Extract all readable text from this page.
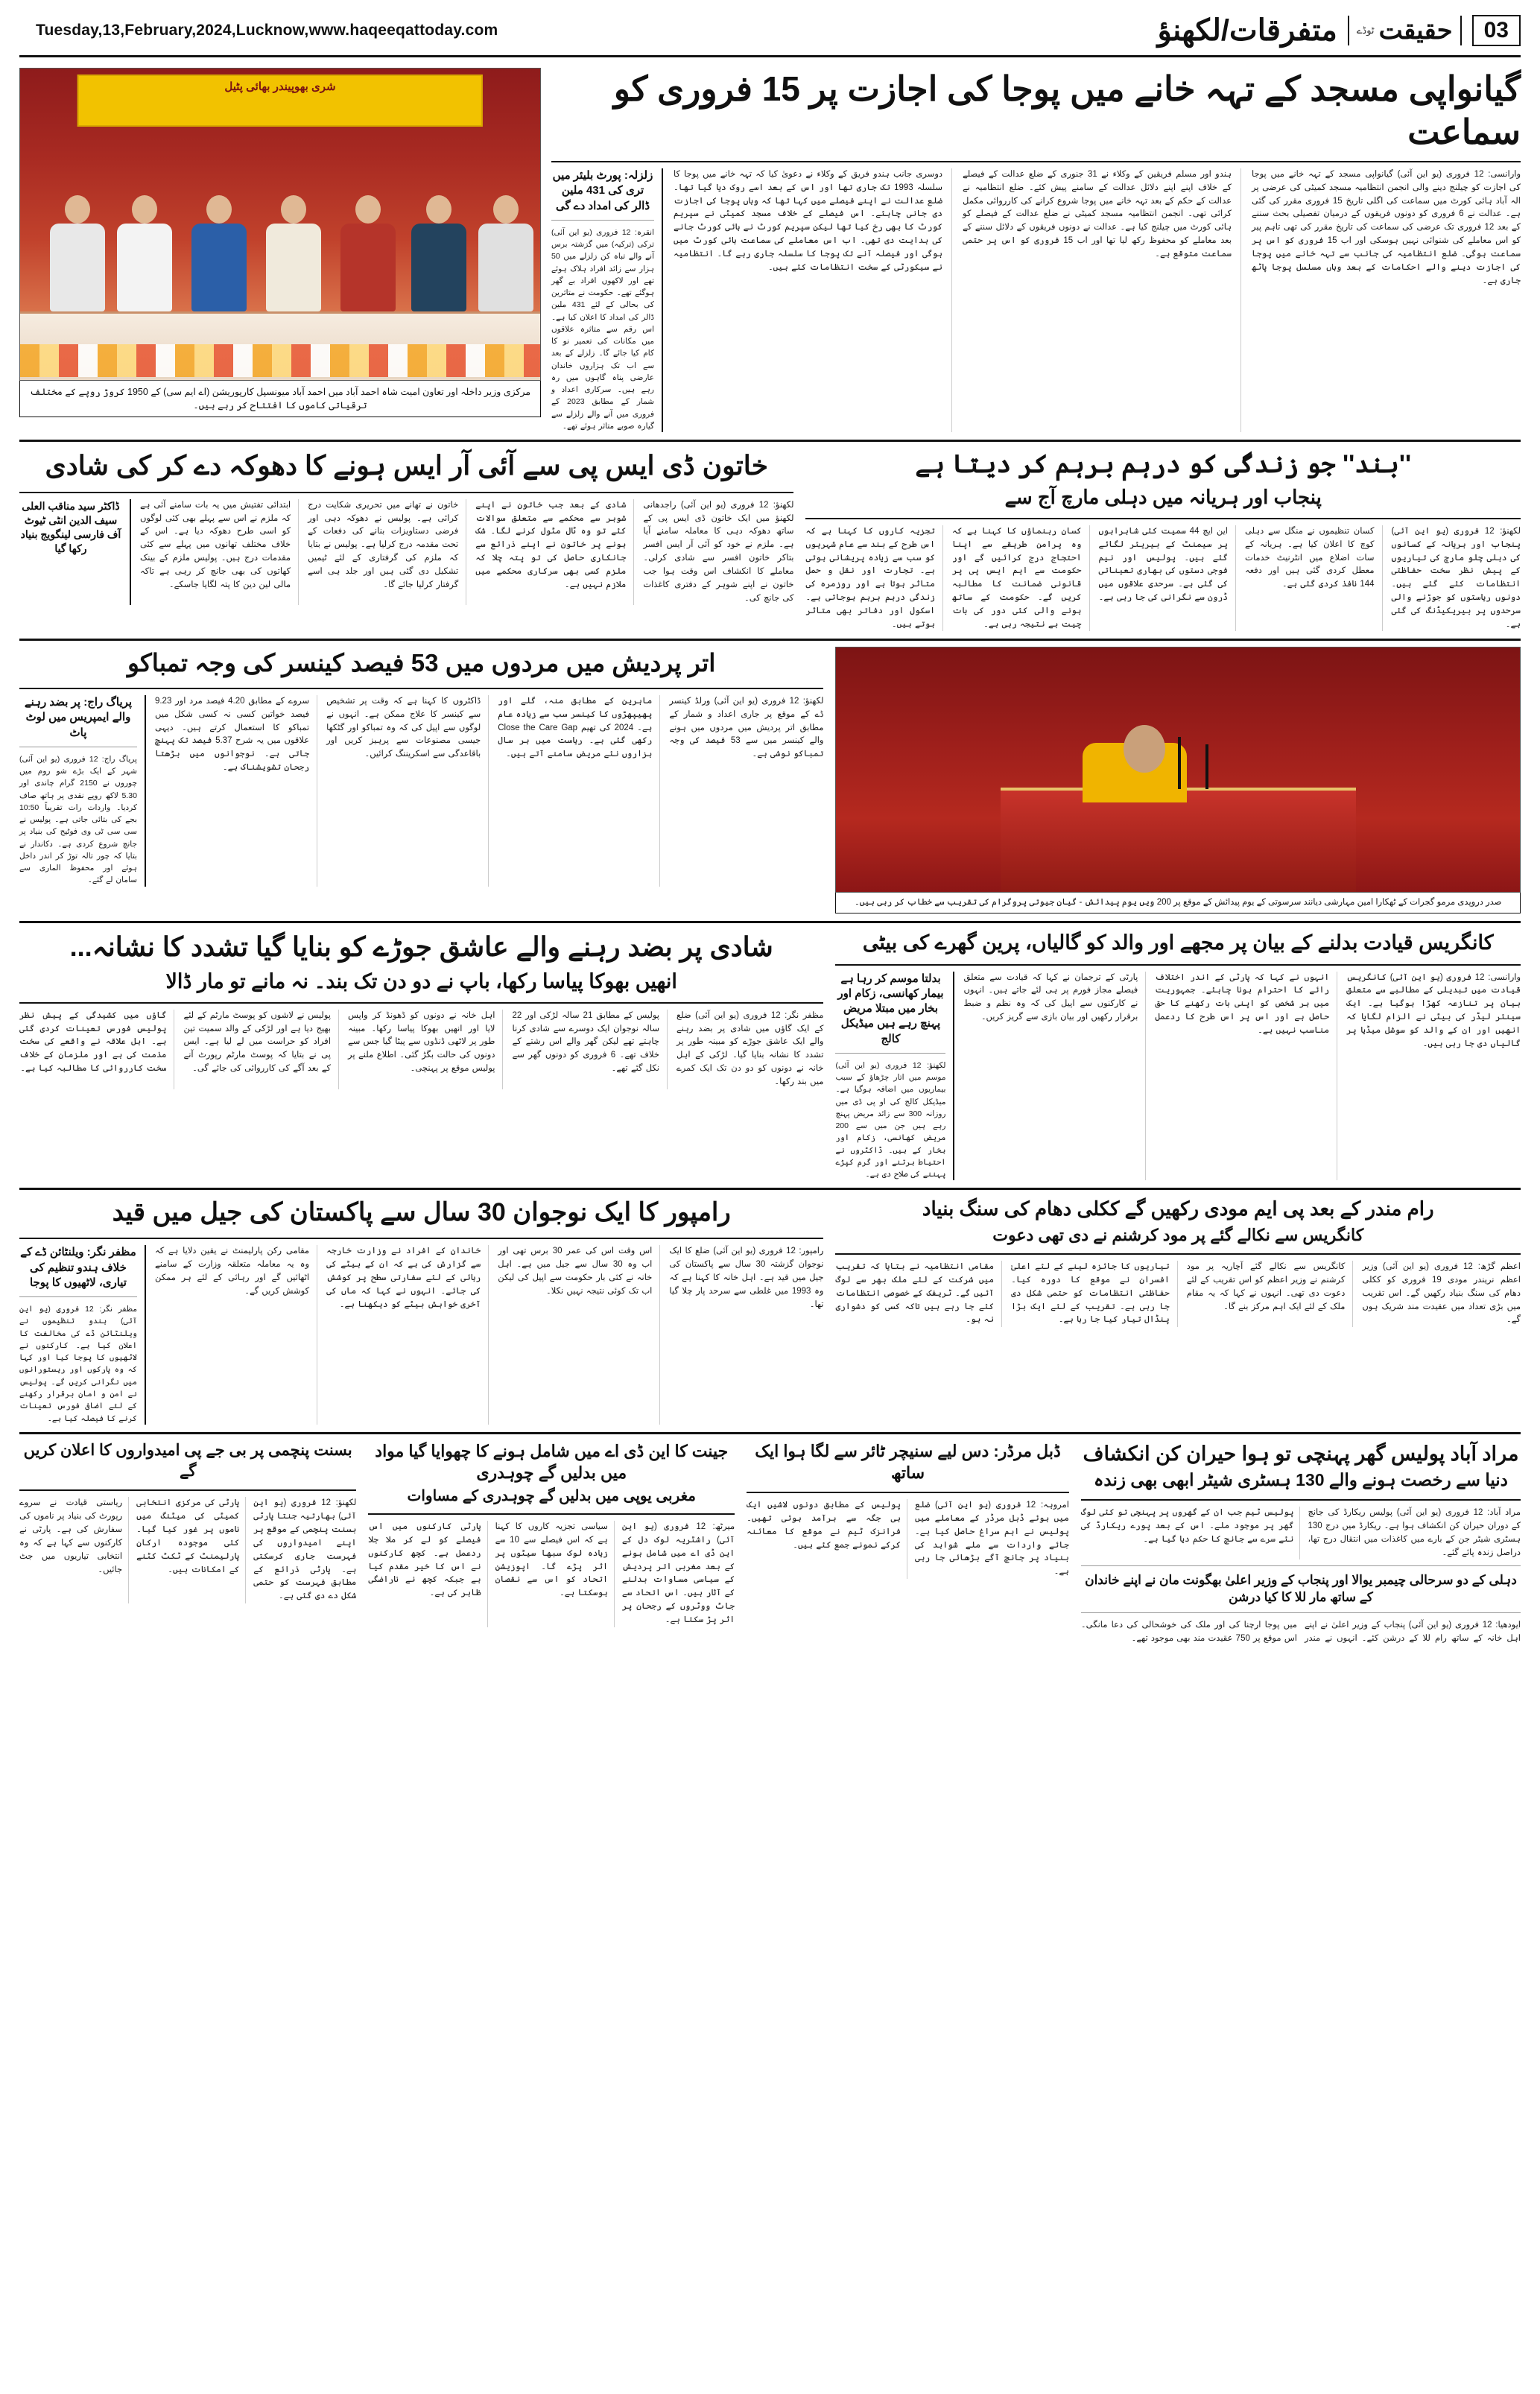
Tuesday,13,February,2024,Lucknow,www.haqeeqattoday.com	متفرقات/لکھنؤ ٹوڈے حقیقت	03
شری بھوپیندر بھائی پٹیل
مرکزی وزیر داخلہ اور تعاون امیت شاہ احمد آباد میں احمد آباد میونسپل کارپوریشن (اے ایم سی) کے 1950 کروڑ روپے کے مختلف ترقیاتی کاموں کا افتتاح کر رہے ہیں۔
گیانواپی مسجد کے تہہ خانے میں پوجا کی اجازت پر 15 فروری کو سماعت

وارانسی: 12 فروری (یو این آئی) گیانواپی مسجد کے تہہ خانے میں پوجا کی اجازت کو چیلنج دینے والی انجمن انتظامیہ مسجد کمیٹی کی عرضی پر الہ آباد ہائی کورٹ میں سماعت کی اگلی تاریخ 15 فروری مقرر کی گئی ہے۔ عدالت نے 6 فروری کو دونوں فریقوں کے درمیان تفصیلی بحث سننے کے بعد 12 فروری تک عرضی کی سماعت کی تاریخ مقرر کی تھی تاہم پیر کو اس معاملے کی شنوائی نہیں ہوسکی اور اب 15 فروری کو اس پر سماعت ہوگی۔ ضلع انتظامیہ کی جانب سے تہہ خانے میں پوجا کی اجازت دینے والے احکامات کے بعد وہاں مسلسل پوجا پاٹھ جاری ہے۔

ہندو اور مسلم فریقین کے وکلاء نے 31 جنوری کے ضلع عدالت کے فیصلے کے خلاف اپنے اپنے دلائل عدالت کے سامنے پیش کئے۔ ضلع انتظامیہ نے عدالت کے حکم کے بعد تہہ خانے میں پوجا شروع کرانے کی کارروائی مکمل کرائی تھی۔ انجمن انتظامیہ مسجد کمیٹی نے ضلع عدالت کے فیصلے کو ہائی کورٹ میں چیلنج کیا ہے۔ عدالت نے دونوں فریقوں کے دلائل سننے کے بعد معاملے کو محفوظ رکھ لیا تھا اور اب 15 فروری کو اس پر حتمی سماعت متوقع ہے۔

دوسری جانب ہندو فریق کے وکلاء نے دعویٰ کیا کہ تہہ خانے میں پوجا کا سلسلہ 1993 تک جاری تھا اور اس کے بعد اسے روک دیا گیا تھا۔ ضلع عدالت نے اپنے فیصلے میں کہا تھا کہ وہاں پوجا کی اجازت دی جانی چاہئے۔ اس فیصلے کے خلاف مسجد کمیٹی نے سپریم کورٹ کا بھی رخ کیا تھا لیکن سپریم کورٹ نے ہائی کورٹ جانے کی ہدایت دی تھی۔ اب اس معاملے کی سماعت ہائی کورٹ میں ہوگی اور فیصلہ آنے تک پوجا کا سلسلہ جاری رہے گا۔ انتظامیہ نے سیکورٹی کے سخت انتظامات کئے ہیں۔

زلزلہ: پورٹ بلیئر میں تری کی 431 ملین ڈالر کی امداد دے گی
انقرہ: 12 فروری (یو این آئی) ترکی (ترکیہ) میں گزشتہ برس آنے والے تباہ کن زلزلے میں 50 ہزار سے زائد افراد ہلاک ہوئے تھے اور لاکھوں افراد بے گھر ہوگئے تھے۔ حکومت نے متاثرین کی بحالی کے لئے 431 ملین ڈالر کی امداد کا اعلان کیا ہے۔ اس رقم سے متاثرہ علاقوں میں مکانات کی تعمیر نو کا کام کیا جائے گا۔ زلزلے کے بعد سے اب تک ہزاروں خاندان عارضی پناہ گاہوں میں رہ رہے ہیں۔ سرکاری اعداد و شمار کے مطابق 2023 کے فروری میں آنے والے زلزلے سے گیارہ صوبے متاثر ہوئے تھے۔
''بند'' جو زندگی کو درہم برہم کر دیتا ہے
پنجاب اور ہریانہ میں دہلی مارچ آج سے
لکھنؤ: 12 فروری (یو این آئی) پنجاب اور ہریانہ کے کسانوں کی دہلی چلو مارچ کی تیاریوں کے پیش نظر سخت حفاظتی انتظامات کئے گئے ہیں۔ دونوں ریاستوں کو جوڑنے والی سرحدوں پر بیریکیڈنگ کی گئی ہے۔
کسان تنظیموں نے منگل سے دہلی کوچ کا اعلان کیا ہے۔ ہریانہ کے سات اضلاع میں انٹرنیٹ خدمات معطل کردی گئی ہیں اور دفعہ 144 نافذ کردی گئی ہے۔
این ایچ 44 سمیت کئی شاہراہوں پر سیمنٹ کے بیریئر لگائے گئے ہیں۔ پولیس اور نیم فوجی دستوں کی بھاری تعیناتی کی گئی ہے۔ سرحدی علاقوں میں ڈرون سے نگرانی کی جا رہی ہے۔
کسان رہنماؤں کا کہنا ہے کہ وہ پرامن طریقے سے اپنا احتجاج درج کرائیں گے اور حکومت سے ایم ایس پی پر قانونی ضمانت کا مطالبہ کریں گے۔ حکومت کے ساتھ ہونے والی کئی دور کی بات چیت بے نتیجہ رہی ہے۔
تجزیہ کاروں کا کہنا ہے کہ اس طرح کے بند سے عام شہریوں کو سب سے زیادہ پریشانی ہوتی ہے۔ تجارت اور نقل و حمل متاثر ہوتا ہے اور روزمرہ کی زندگی درہم برہم ہوجاتی ہے۔ اسکول اور دفاتر بھی متاثر ہوتے ہیں۔
خاتون ڈی ایس پی سے آئی آر ایس ہونے کا دھوکہ دے کر کی شادی
لکھنؤ: 12 فروری (یو این آئی) راجدھانی لکھنؤ میں ایک خاتون ڈی ایس پی کے ساتھ دھوکہ دہی کا معاملہ سامنے آیا ہے۔ ملزم نے خود کو آئی آر ایس افسر بتاکر خاتون افسر سے شادی کرلی۔ معاملے کا انکشاف اس وقت ہوا جب خاتون نے اپنے شوہر کے دفتری کاغذات کی جانچ کی۔
شادی کے بعد جب خاتون نے اپنے شوہر سے محکمے سے متعلق سوالات کئے تو وہ ٹال مٹول کرنے لگا۔ شک ہونے پر خاتون نے اپنے ذرائع سے جانکاری حاصل کی تو پتہ چلا کہ ملزم کسی بھی سرکاری محکمے میں ملازم نہیں ہے۔
خاتون نے تھانے میں تحریری شکایت درج کرائی ہے۔ پولیس نے دھوکہ دہی اور فرضی دستاویزات بنانے کی دفعات کے تحت مقدمہ درج کرلیا ہے۔ پولیس نے بتایا کہ ملزم کی گرفتاری کے لئے ٹیمیں تشکیل دی گئی ہیں اور جلد ہی اسے گرفتار کرلیا جائے گا۔
ابتدائی تفتیش میں یہ بات سامنے آئی ہے کہ ملزم نے اس سے پہلے بھی کئی لوگوں کو اسی طرح دھوکہ دیا ہے۔ اس کے خلاف مختلف تھانوں میں پہلے سے کئی مقدمات درج ہیں۔ پولیس ملزم کے بینک کھاتوں کی بھی جانچ کر رہی ہے تاکہ مالی لین دین کا پتہ لگایا جاسکے۔
ڈاکٹر سید مناقب العلی سیف الدین انٹی ٹیوٹ آف فارسی لینگویج بنیاد رکھا گیا
صدر دروپدی مرمو گجرات کے ٹھکارا امین مہارشی دیانند سرسوتی کے یوم پیدائش کے موقع پر 200 ویں یوم پیدائش - گیان جیوتی پروگرام کی تقریب سے خطاب کر رہی ہیں۔
اتر پردیش میں مردوں میں 53 فیصد کینسر کی وجہ تمباکو
لکھنؤ: 12 فروری (یو این آئی) ورلڈ کینسر ڈے کے موقع پر جاری اعداد و شمار کے مطابق اتر پردیش میں مردوں میں ہونے والے کینسر میں سے 53 فیصد کی وجہ تمباکو نوشی ہے۔
ماہرین کے مطابق منہ، گلے اور پھیپھڑوں کا کینسر سب سے زیادہ عام ہے۔ 2024 کی تھیم Close the Care Gap رکھی گئی ہے۔ ریاست میں ہر سال ہزاروں نئے مریض سامنے آتے ہیں۔
ڈاکٹروں کا کہنا ہے کہ وقت پر تشخیص سے کینسر کا علاج ممکن ہے۔ انہوں نے لوگوں سے اپیل کی کہ وہ تمباکو اور گٹکھا جیسی مصنوعات سے پرہیز کریں اور باقاعدگی سے اسکریننگ کرائیں۔
سروے کے مطابق 4.20 فیصد مرد اور 9.23 فیصد خواتین کسی نہ کسی شکل میں تمباکو کا استعمال کرتے ہیں۔ دیہی علاقوں میں یہ شرح 5.37 فیصد تک پہنچ جاتی ہے۔ نوجوانوں میں بڑھتا رجحان تشویشناک ہے۔
پریاگ راج: پر بضد رہنے والے ایمپریس میں لوٹ پاٹ
پریاگ راج: 12 فروری (یو این آئی) شہر کے ایک بڑے شو روم میں چوروں نے 2150 گرام چاندی اور 5.30 لاکھ روپے نقدی پر ہاتھ صاف کردیا۔ واردات رات تقریباً 10:50 بجے کی بتائی جاتی ہے۔ پولیس نے سی سی ٹی وی فوٹیج کی بنیاد پر جانچ شروع کردی ہے۔ دکاندار نے بتایا کہ چور تالہ توڑ کر اندر داخل ہوئے اور محفوظ الماری سے سامان لے گئے۔
کانگریس قیادت بدلنے کے بیان پر مجھے اور والد کو گالیاں، پرین گھرے کی بیٹی
وارانسی: 12 فروری (یو این آئی) کانگریس قیادت میں تبدیلی کے مطالبے سے متعلق بیان پر تنازعہ کھڑا ہوگیا ہے۔ ایک سینئر لیڈر کی بیٹی نے الزام لگایا کہ انھیں اور ان کے والد کو سوشل میڈیا پر گالیاں دی جا رہی ہیں۔
انہوں نے کہا کہ پارٹی کے اندر اختلاف رائے کا احترام ہونا چاہئے۔ جمہوریت میں ہر شخص کو اپنی بات رکھنے کا حق حاصل ہے اور اس پر اس طرح کا ردعمل مناسب نہیں ہے۔
پارٹی کے ترجمان نے کہا کہ قیادت سے متعلق فیصلے مجاز فورم پر ہی لئے جاتے ہیں۔ انہوں نے کارکنوں سے اپیل کی کہ وہ نظم و ضبط برقرار رکھیں اور بیان بازی سے گریز کریں۔
بدلتا موسم کر رہا ہے بیمار کھانسی، زکام اور بخار میں مبتلا مریض پہنچ رہے ہیں میڈیکل کالج
لکھنؤ: 12 فروری (یو این آئی) موسم میں اتار چڑھاؤ کے سبب بیماریوں میں اضافہ ہوگیا ہے۔ میڈیکل کالج کی او پی ڈی میں روزانہ 300 سے زائد مریض پہنچ رہے ہیں جن میں سے 200 مریض کھانسی، زکام اور بخار کے ہیں۔ ڈاکٹروں نے احتیاط برتنے اور گرم کپڑے پہننے کی صلاح دی ہے۔
شادی پر بضد رہنے والے عاشق جوڑے کو بنایا گیا تشدد کا نشانہ...
انھیں بھوکا پیاسا رکھا، باپ نے دو دن تک بند۔ نہ مانے تو مار ڈالا
مظفر نگر: 12 فروری (یو این آئی) ضلع کے ایک گاؤں میں شادی پر بضد رہنے والے ایک عاشق جوڑے کو مبینہ طور پر تشدد کا نشانہ بنایا گیا۔ لڑکی کے اہل خانہ نے دونوں کو دو دن تک ایک کمرے میں بند رکھا۔
پولیس کے مطابق 21 سالہ لڑکی اور 22 سالہ نوجوان ایک دوسرے سے شادی کرنا چاہتے تھے لیکن گھر والے اس رشتے کے خلاف تھے۔ 6 فروری کو دونوں گھر سے نکل گئے تھے۔
اہل خانہ نے دونوں کو ڈھونڈ کر واپس لایا اور انھیں بھوکا پیاسا رکھا۔ مبینہ طور پر لاٹھی ڈنڈوں سے پیٹا گیا جس سے دونوں کی حالت بگڑ گئی۔ اطلاع ملنے پر پولیس موقع پر پہنچی۔
پولیس نے لاشوں کو پوسٹ مارٹم کے لئے بھیج دیا ہے اور لڑکی کے والد سمیت تین افراد کو حراست میں لے لیا ہے۔ ایس پی نے بتایا کہ پوسٹ مارٹم رپورٹ آنے کے بعد آگے کی کارروائی کی جائے گی۔
گاؤں میں کشیدگی کے پیش نظر پولیس فورس تعینات کردی گئی ہے۔ اہل علاقہ نے واقعے کی سخت مذمت کی ہے اور ملزمان کے خلاف سخت کارروائی کا مطالبہ کیا ہے۔
رام مندر کے بعد پی ایم مودی رکھیں گے ککلی دھام کی سنگ بنیاد
کانگریس سے نکالے گئے پر مود کرشنم نے دی تھی دعوت
اعظم گڑھ: 12 فروری (یو این آئی) وزیر اعظم نریندر مودی 19 فروری کو ککلی دھام کی سنگ بنیاد رکھیں گے۔ اس تقریب میں بڑی تعداد میں عقیدت مند شریک ہوں گے۔
کانگریس سے نکالے گئے آچاریہ پر مود کرشنم نے وزیر اعظم کو اس تقریب کے لئے دعوت دی تھی۔ انہوں نے کہا کہ یہ مقام ملک کے لئے ایک اہم مرکز بنے گا۔
تیاریوں کا جائزہ لینے کے لئے اعلیٰ افسران نے موقع کا دورہ کیا۔ حفاظتی انتظامات کو حتمی شکل دی جا رہی ہے۔ تقریب کے لئے ایک بڑا پنڈال تیار کیا جا رہا ہے۔
مقامی انتظامیہ نے بتایا کہ تقریب میں شرکت کے لئے ملک بھر سے لوگ آئیں گے۔ ٹریفک کے خصوصی انتظامات کئے جا رہے ہیں تاکہ کسی کو دشواری نہ ہو۔
رامپور کا ایک نوجوان 30 سال سے پاکستان کی جیل میں قید
رامپور: 12 فروری (یو این آئی) ضلع کا ایک نوجوان گزشتہ 30 سال سے پاکستان کی جیل میں قید ہے۔ اہل خانہ کا کہنا ہے کہ وہ 1993 میں غلطی سے سرحد پار چلا گیا تھا۔
اس وقت اس کی عمر 30 برس تھی اور اب وہ 30 سال سے جیل میں ہے۔ اہل خانہ نے کئی بار حکومت سے اپیل کی لیکن اب تک کوئی نتیجہ نہیں نکلا۔
خاندان کے افراد نے وزارت خارجہ سے گزارش کی ہے کہ ان کے بیٹے کی رہائی کے لئے سفارتی سطح پر کوشش کی جائے۔ انہوں نے کہا کہ ماں کی آخری خواہش بیٹے کو دیکھنا ہے۔
مقامی رکن پارلیمنٹ نے یقین دلایا ہے کہ وہ یہ معاملہ متعلقہ وزارت کے سامنے اٹھائیں گے اور رہائی کے لئے ہر ممکن کوشش کریں گے۔
مظفر نگر: ویلنٹائن ڈے کے خلاف ہندو تنظیم کی تیاری، لاٹھیوں کا پوجا
مظفر نگر: 12 فروری (یو این آئی) ہندو تنظیموں نے ویلنٹائن ڈے کی مخالفت کا اعلان کیا ہے۔ کارکنوں نے لاٹھیوں کا پوجا کیا اور کہا کہ وہ پارکوں اور ریستورانوں میں نگرانی کریں گے۔ پولیس نے امن و امان برقرار رکھنے کے لئے اضافی فورس تعینات کرنے کا فیصلہ کیا ہے۔
مراد آباد پولیس گھر پہنچی تو ہوا حیران کن انکشاف
دنیا سے رخصت ہونے والے 130 ہسٹری شیٹر ابھی بھی زندہ
مراد آباد: 12 فروری (یو این آئی) پولیس ریکارڈ کی جانچ کے دوران حیران کن انکشاف ہوا ہے۔ ریکارڈ میں درج 130 ہسٹری شیٹر جن کے بارے میں کاغذات میں انتقال درج تھا، دراصل زندہ پائے گئے۔
پولیس ٹیم جب ان کے گھروں پر پہنچی تو کئی لوگ گھر پر موجود ملے۔ اس کے بعد پورے ریکارڈ کی نئے سرے سے جانچ کا حکم دیا گیا ہے۔
دہلی کے دو سرحالی چیمبر یوالا اور پنجاب کے وزیر اعلیٰ بھگونت مان نے اپنے خاندان کے ساتھ مار للا کا کیا درشن
ایودھیا: 12 فروری (یو این آئی) پنجاب کے وزیر اعلیٰ نے اپنے اہل خانہ کے ساتھ رام للا کے درشن کئے۔ انہوں نے مندر میں پوجا ارچنا کی اور ملک کی خوشحالی کی دعا مانگی۔ اس موقع پر 750 عقیدت مند بھی موجود تھے۔
ڈبل مرڈر: دس لیے سنیچر ٹائر سے لگا ہوا ایک ساتھ
امروہہ: 12 فروری (یو این آئی) ضلع میں ہوئے ڈبل مرڈر کے معاملے میں پولیس نے اہم سراغ حاصل کیا ہے۔ جائے واردات سے ملے شواہد کی بنیاد پر جانچ آگے بڑھائی جا رہی ہے۔
پولیس کے مطابق دونوں لاشیں ایک ہی جگہ سے برآمد ہوئی تھیں۔ فرانزک ٹیم نے موقع کا معائنہ کرکے نمونے جمع کئے ہیں۔
جینت کا این ڈی اے میں شامل ہونے کا چھوایا گیا مواد میں بدلیں گے چوہدری
مغربی یوپی میں بدلیں گے چوہدری کے مساوات
میرٹھ: 12 فروری (یو این آئی) راشٹریہ لوک دل کے این ڈی اے میں شامل ہونے کے بعد مغربی اتر پردیش کے سیاسی مساوات بدلنے کے آثار ہیں۔ اس اتحاد سے جاٹ ووٹروں کے رجحان پر اثر پڑ سکتا ہے۔
سیاسی تجزیہ کاروں کا کہنا ہے کہ اس فیصلے سے 10 سے زیادہ لوک سبھا سیٹوں پر اثر پڑے گا۔ اپوزیشن اتحاد کو اس سے نقصان ہوسکتا ہے۔
پارٹی کارکنوں میں اس فیصلے کو لے کر ملا جلا ردعمل ہے۔ کچھ کارکنوں نے اس کا خیر مقدم کیا ہے جبکہ کچھ نے ناراضگی ظاہر کی ہے۔
بسنت پنچمی پر بی جے پی امیدواروں کا اعلان کریں گے
لکھنؤ: 12 فروری (یو این آئی) بھارتیہ جنتا پارٹی بسنت پنچمی کے موقع پر اپنے امیدواروں کی فہرست جاری کرسکتی ہے۔ پارٹی ذرائع کے مطابق فہرست کو حتمی شکل دے دی گئی ہے۔
پارٹی کی مرکزی انتخابی کمیٹی کی میٹنگ میں ناموں پر غور کیا گیا۔ کئی موجودہ ارکان پارلیمنٹ کے ٹکٹ کٹنے کے امکانات ہیں۔
ریاستی قیادت نے سروے رپورٹ کی بنیاد پر ناموں کی سفارش کی ہے۔ پارٹی نے کارکنوں سے کہا ہے کہ وہ انتخابی تیاریوں میں جٹ جائیں۔
